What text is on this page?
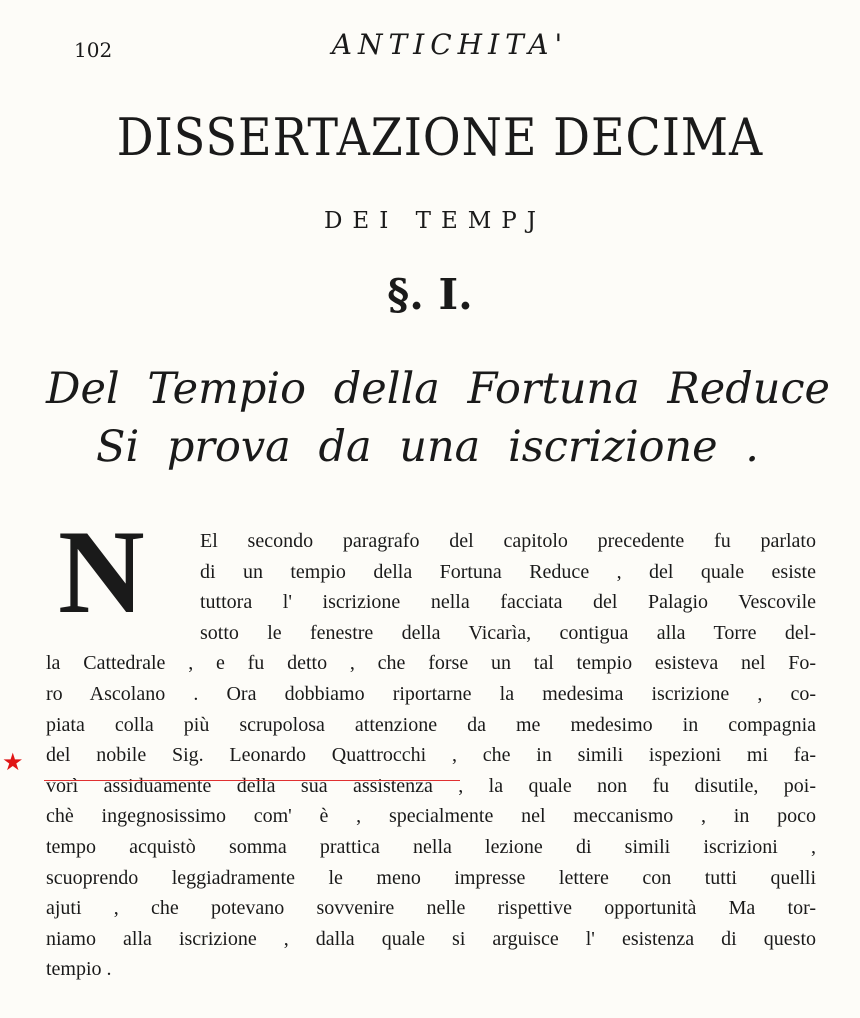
102	ANTICHITA'
DISSERTAZIONE DECIMA
DEI TEMPJ
§. I.
Del Tempio della Fortuna Reduce
Si prova da una iscrizione .
N	El secondo paragrafo del capitolo precedente fu parlato
di un tempio della Fortuna Reduce , del quale esiste
tuttora l' iscrizione nella facciata del Palagio Vescovile
sotto le fenestre della Vicarìa, contigua alla Torre del-
la Cattedrale , e fu detto , che forse un tal tempio esisteva nel Fo-
ro Ascolano . Ora dobbiamo riportarne la medesima iscrizione , co-
piata colla più scrupolosa attenzione da me medesimo in compagnia
del nobile Sig. Leonardo Quattrocchi , che in simili ispezioni mi fa-
vorì assiduamente della sua assistenza , la quale non fu disutile, poi-
chè ingegnosissimo com' è , specialmente nel meccanismo , in poco
tempo acquistò somma prattica nella lezione di simili iscrizioni ,
scuoprendo leggiadramente le meno impresse lettere con tutti quelli
ajuti , che potevano sovvenire nelle rispettive opportunità Ma tor-
niamo alla iscrizione , dalla quale si arguisce l' esistenza di questo
tempio .
★
